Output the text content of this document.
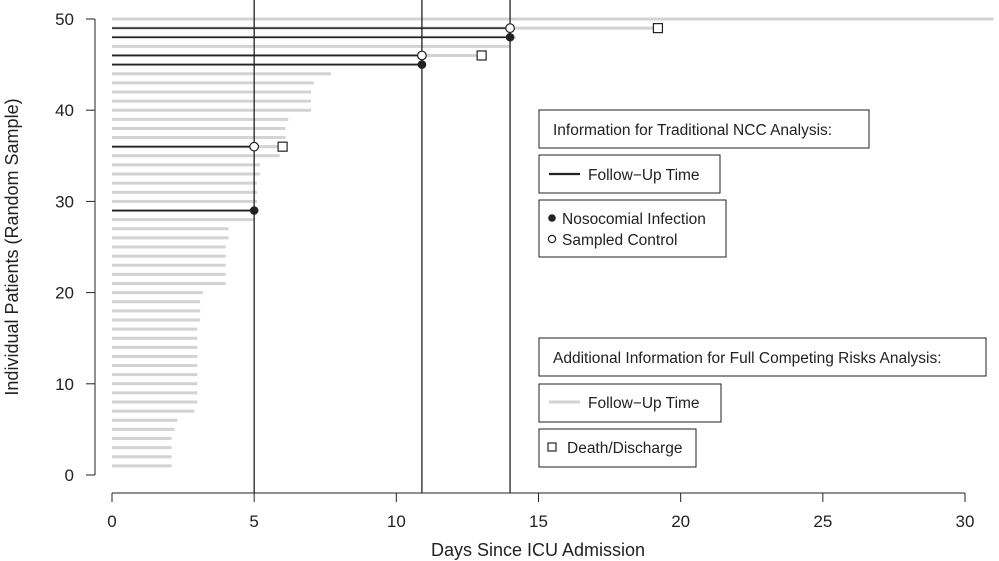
0	5	10	15	20	25	30
0
10
20
30
40
50
Days Since ICU Admission
Individual Patients (Random Sample)	Information for Traditional NCC Analysis:
Follow−Up Time
Nosocomial Infection
Sampled Control
Additional Information for Full Competing Risks Analysis:
Follow−Up Time
Death/Discharge
